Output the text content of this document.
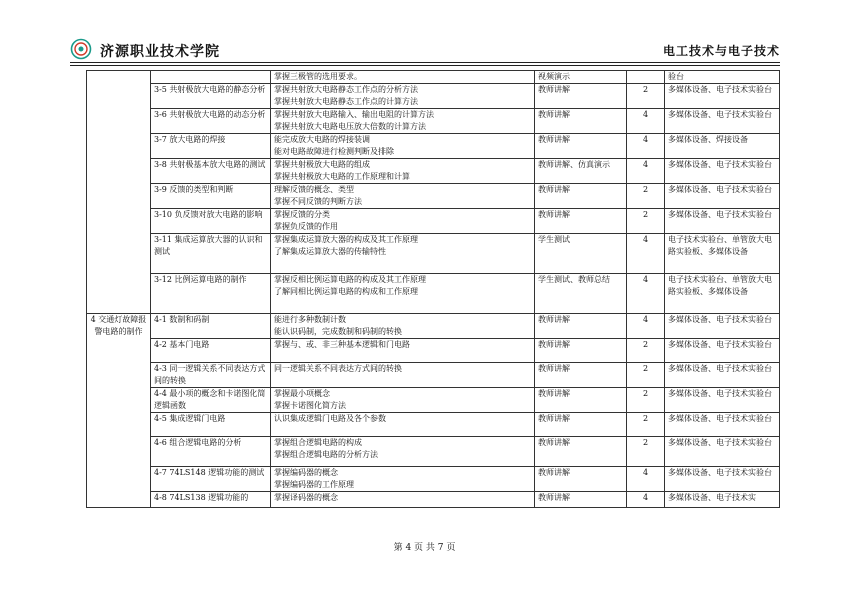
济源职业技术学院	电工技术与电子技术
		掌握三极管的选用要求。	视频演示		验台
	3-5 共射极放大电路的静态分析	掌握共射放大电路静态工作点的分析方法
掌握共射放大电路静态工作点的计算方法	教师讲解	2	多媒体设备、电子技术实验台
	3-6 共射极放大电路的动态分析	掌握共射放大电路输入、输出电阻的计算方法
掌握共射放大电路电压放大倍数的计算方法	教师讲解	4	多媒体设备、电子技术实验台
	3-7 放大电路的焊接	能完成放大电路的焊接装调
能对电路故障进行检测判断及排除	教师讲解	4	多媒体设备、焊接设备
	3-8 共射极基本放大电路的测试	掌握共射极放大电路的组成
掌握共射极放大电路的工作原理和计算	教师讲解、仿真演示	4	多媒体设备、电子技术实验台
	3-9 反馈的类型和判断	理解反馈的概念、类型
掌握不同反馈的判断方法	教师讲解	2	多媒体设备、电子技术实验台
	3-10 负反馈对放大电路的影响	掌握反馈的分类
掌握负反馈的作用	教师讲解	2	多媒体设备、电子技术实验台
	3-11 集成运算放大器的认识和测试	掌握集成运算放大器的构成及其工作原理
了解集成运算放大器的传输特性	学生测试	4	电子技术实验台、单管放大电路实验板、多媒体设备
	3-12 比例运算电路的制作	掌握反相比例运算电路的构成及其工作原理
了解同相比例运算电路的构成和工作原理	学生测试、教师总结	4	电子技术实验台、单管放大电路实验板、多媒体设备
4 交通灯故障报警电路的制作	4-1 数制和码制	能进行多种数制计数
能认识码制，完成数制和码制的转换	教师讲解	4	多媒体设备、电子技术实验台
	4-2 基本门电路	掌握与、或、非三种基本逻辑和门电路	教师讲解	2	多媒体设备、电子技术实验台
	4-3 同一逻辑关系不同表达方式间的转换	同一逻辑关系不同表达方式间的转换	教师讲解	2	多媒体设备、电子技术实验台
	4-4 最小项的概念和卡诺图化简逻辑函数	掌握最小项概念
掌握卡诺图化简方法	教师讲解	2	多媒体设备、电子技术实验台
	4-5 集成逻辑门电路	认识集成逻辑门电路及各个参数	教师讲解	2	多媒体设备、电子技术实验台
	4-6 组合逻辑电路的分析	掌握组合逻辑电路的构成
掌握组合逻辑电路的分析方法	教师讲解	2	多媒体设备、电子技术实验台
	4-7 74LS148 逻辑功能的测试	掌握编码器的概念
掌握编码器的工作原理	教师讲解	4	多媒体设备、电子技术实验台
	4-8 74LS138 逻辑功能的	掌握译码器的概念	教师讲解	4	多媒体设备、电子技术实
第 4 页 共 7 页
